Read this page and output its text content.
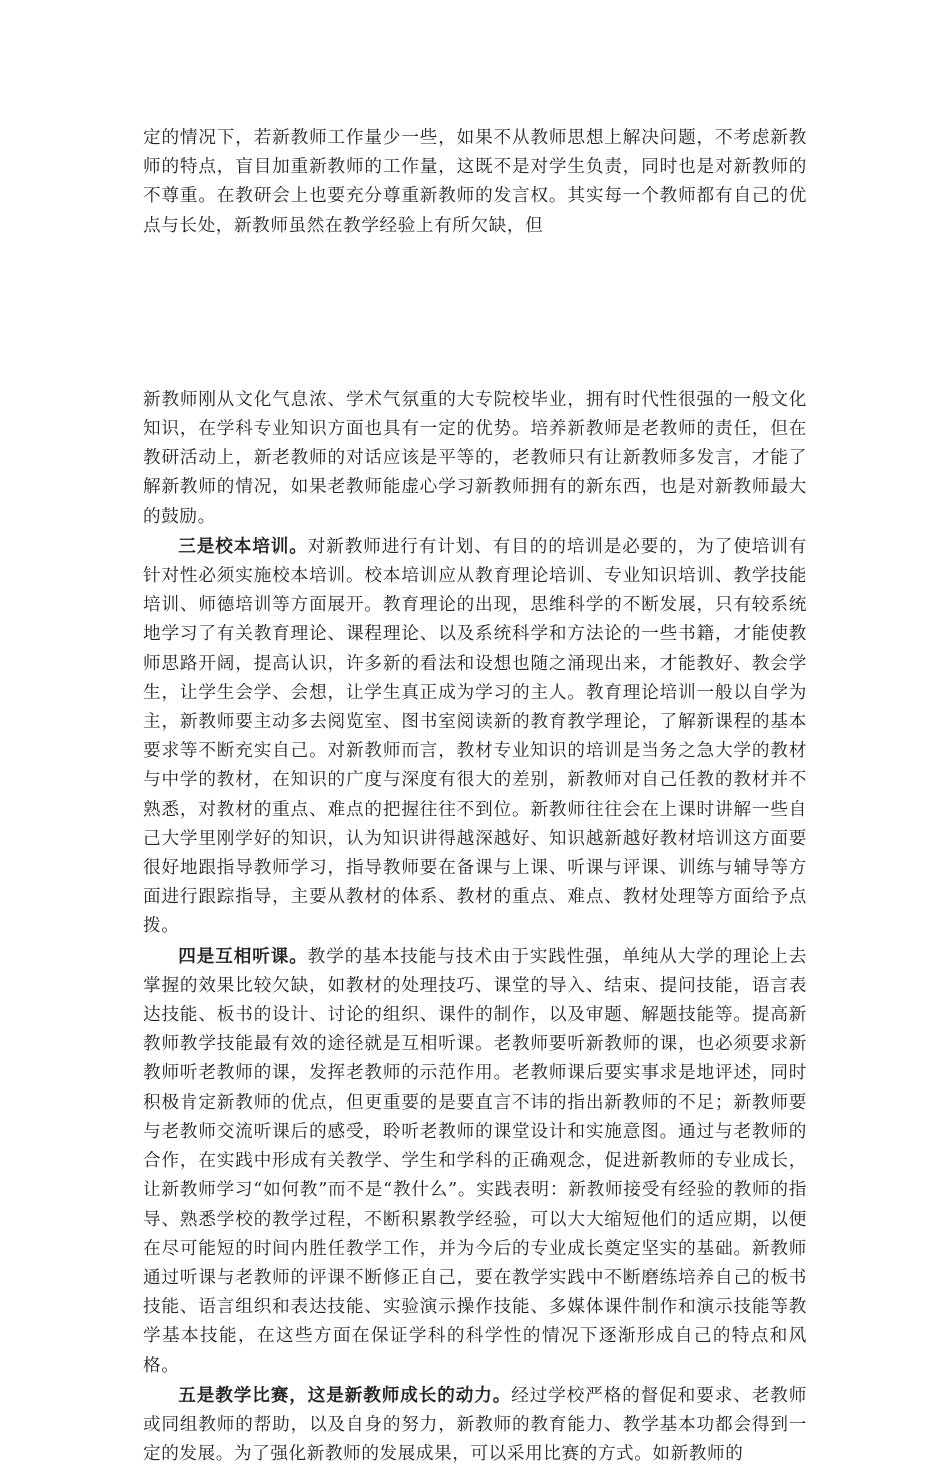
定的情况下，若新教师工作量少一些，如果不从教师思想上解决问题，不考虑新教师的特点，盲目加重新教师的工作量，这既不是对学生负责，同时也是对新教师的不尊重。在教研会上也要充分尊重新教师的发言权。其实每一个教师都有自己的优点与长处，新教师虽然在教学经验上有所欠缺，但

新教师刚从文化气息浓、学术气氛重的大专院校毕业，拥有时代性很强的一般文化知识，在学科专业知识方面也具有一定的优势。培养新教师是老教师的责任，但在教研活动上，新老教师的对话应该是平等的，老教师只有让新教师多发言，才能了解新教师的情况，如果老教师能虚心学习新教师拥有的新东西，也是对新教师最大的鼓励。

三是校本培训。对新教师进行有计划、有目的的培训是必要的，为了使培训有针对性必须实施校本培训。校本培训应从教育理论培训、专业知识培训、教学技能培训、师德培训等方面展开。教育理论的出现，思维科学的不断发展，只有较系统地学习了有关教育理论、课程理论、以及系统科学和方法论的一些书籍，才能使教师思路开阔，提高认识，许多新的看法和设想也随之涌现出来，才能教好、教会学生，让学生会学、会想，让学生真正成为学习的主人。教育理论培训一般以自学为主，新教师要主动多去阅览室、图书室阅读新的教育教学理论，了解新课程的基本要求等不断充实自己。对新教师而言，教材专业知识的培训是当务之急大学的教材与中学的教材，在知识的广度与深度有很大的差别，新教师对自己任教的教材并不熟悉，对教材的重点、难点的把握往往不到位。新教师往往会在上课时讲解一些自己大学里刚学好的知识，认为知识讲得越深越好、知识越新越好教材培训这方面要很好地跟指导教师学习，指导教师要在备课与上课、听课与评课、训练与辅导等方面进行跟踪指导，主要从教材的体系、教材的重点、难点、教材处理等方面给予点拨。

四是互相听课。教学的基本技能与技术由于实践性强，单纯从大学的理论上去掌握的效果比较欠缺，如教材的处理技巧、课堂的导入、结束、提问技能，语言表达技能、板书的设计、讨论的组织、课件的制作，以及审题、解题技能等。提高新教师教学技能最有效的途径就是互相听课。老教师要听新教师的课，也必须要求新教师听老教师的课，发挥老教师的示范作用。老教师课后要实事求是地评述，同时积极肯定新教师的优点，但更重要的是要直言不讳的指出新教师的不足；新教师要与老教师交流听课后的感受，聆听老教师的课堂设计和实施意图。通过与老教师的合作，在实践中形成有关教学、学生和学科的正确观念，促进新教师的专业成长，让新教师学习“如何教”而不是“教什么”。实践表明：新教师接受有经验的教师的指导、熟悉学校的教学过程，不断积累教学经验，可以大大缩短他们的适应期，以便在尽可能短的时间内胜任教学工作，并为今后的专业成长奠定坚实的基础。新教师通过听课与老教师的评课不断修正自己，要在教学实践中不断磨练培养自己的板书技能、语言组织和表达技能、实验演示操作技能、多媒体课件制作和演示技能等教学基本技能，在这些方面在保证学科的科学性的情况下逐渐形成自己的特点和风格。

五是教学比赛，这是新教师成长的动力。经过学校严格的督促和要求、老教师或同组教师的帮助，以及自身的努力，新教师的教育能力、教学基本功都会得到一定的发展。为了强化新教师的发展成果，可以采用比赛的方式。如新教师的
